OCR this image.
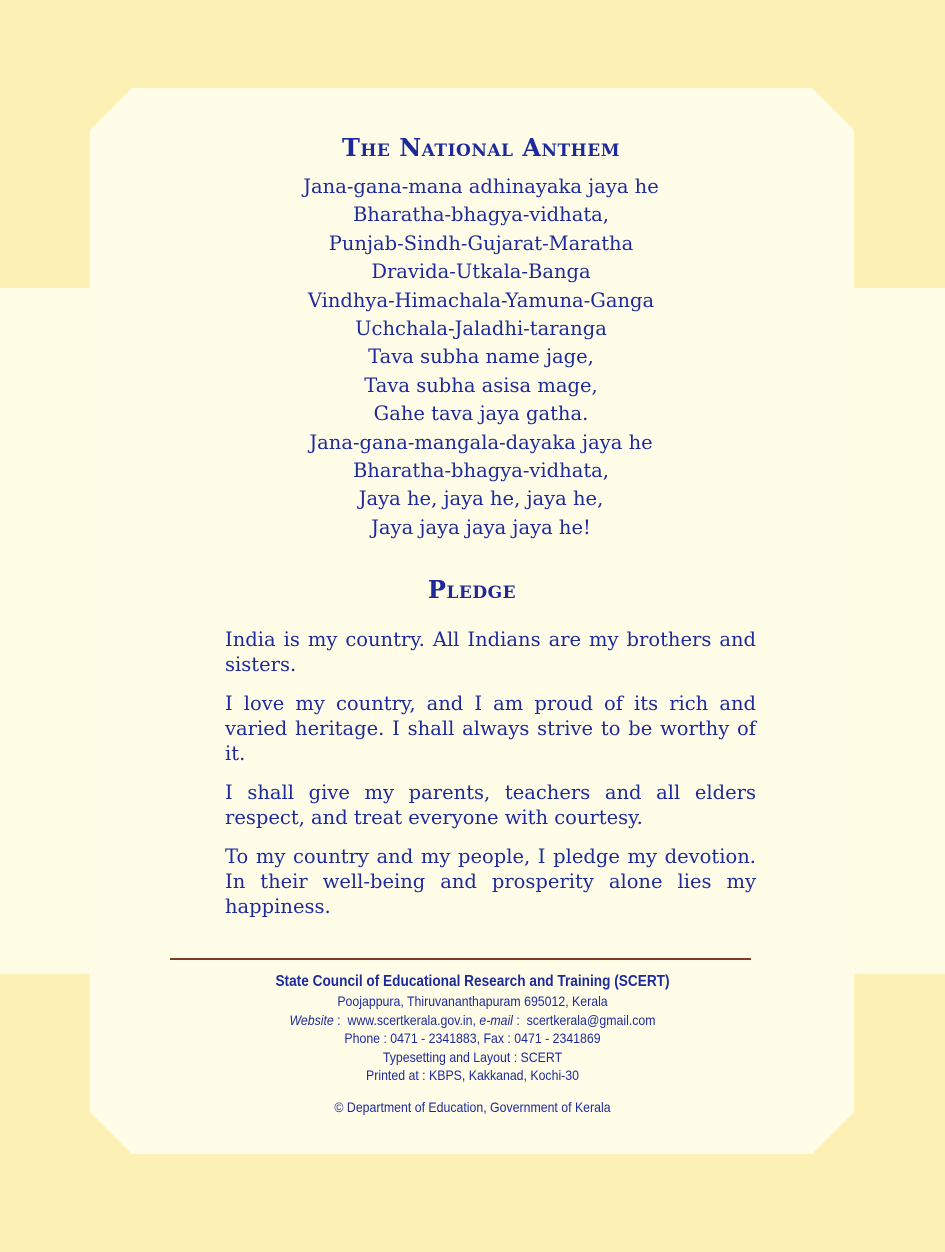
The National Anthem
Jana-gana-mana adhinayaka jaya he
Bharatha-bhagya-vidhata,
Punjab-Sindh-Gujarat-Maratha
Dravida-Utkala-Banga
Vindhya-Himachala-Yamuna-Ganga
Uchchala-Jaladhi-taranga
Tava subha name jage,
Tava subha asisa mage,
Gahe tava jaya gatha.
Jana-gana-mangala-dayaka jaya he
Bharatha-bhagya-vidhata,
Jaya he, jaya he, jaya he,
Jaya jaya jaya jaya he!
Pledge

India is my country. All Indians are my brothers and sisters.

I love my country, and I am proud of its rich and varied heritage. I shall always strive to be worthy of it.

I shall give my parents, teachers and all elders respect, and treat everyone with courtesy.

To my country and my people, I pledge my devotion. In their well-being and prosperity alone lies my happiness.

State Council of Educational Research and Training (SCERT)
Poojappura, Thiruvananthapuram 695012, Kerala
Website :  www.scertkerala.gov.in, e-mail :  scertkerala@gmail.com
Phone : 0471 - 2341883, Fax : 0471 - 2341869
Typesetting and Layout : SCERT
Printed at : KBPS, Kakkanad, Kochi-30
© Department of Education, Government of Kerala
